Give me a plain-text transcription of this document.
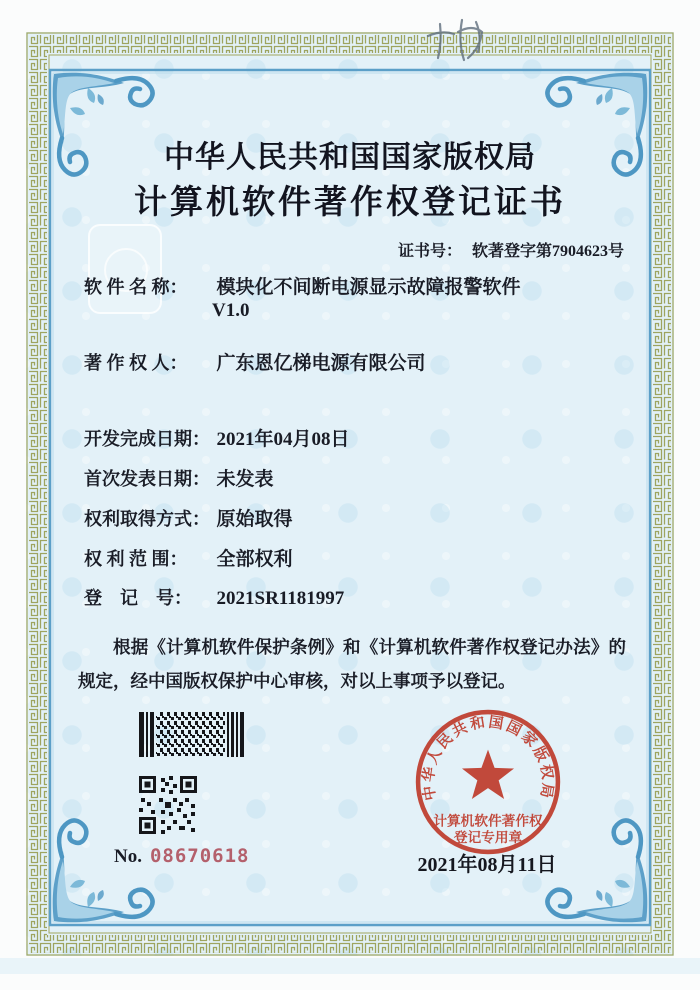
中华人民共和国国家版权局
计算机软件著作权登记证书
证书号： 软著登字第7904623号
软 件 名 称： 模块化不间断电源显示故障报警软件
V1.0
著 作 权 人： 广东恩亿梯电源有限公司
开发完成日期： 2021年04月08日
首次发表日期： 未发表
权利取得方式： 原始取得
权 利 范 围： 全部权利
登　记　号： 2021SR1181997
根据《计算机软件保护条例》和《计算机软件著作权登记办法》的规定，经中国版权保护中心审核，对以上事项予以登记。
No. 08670618
中华人民共和国国家版权局
计算机软件著作权
登记专用章
2021年08月11日
